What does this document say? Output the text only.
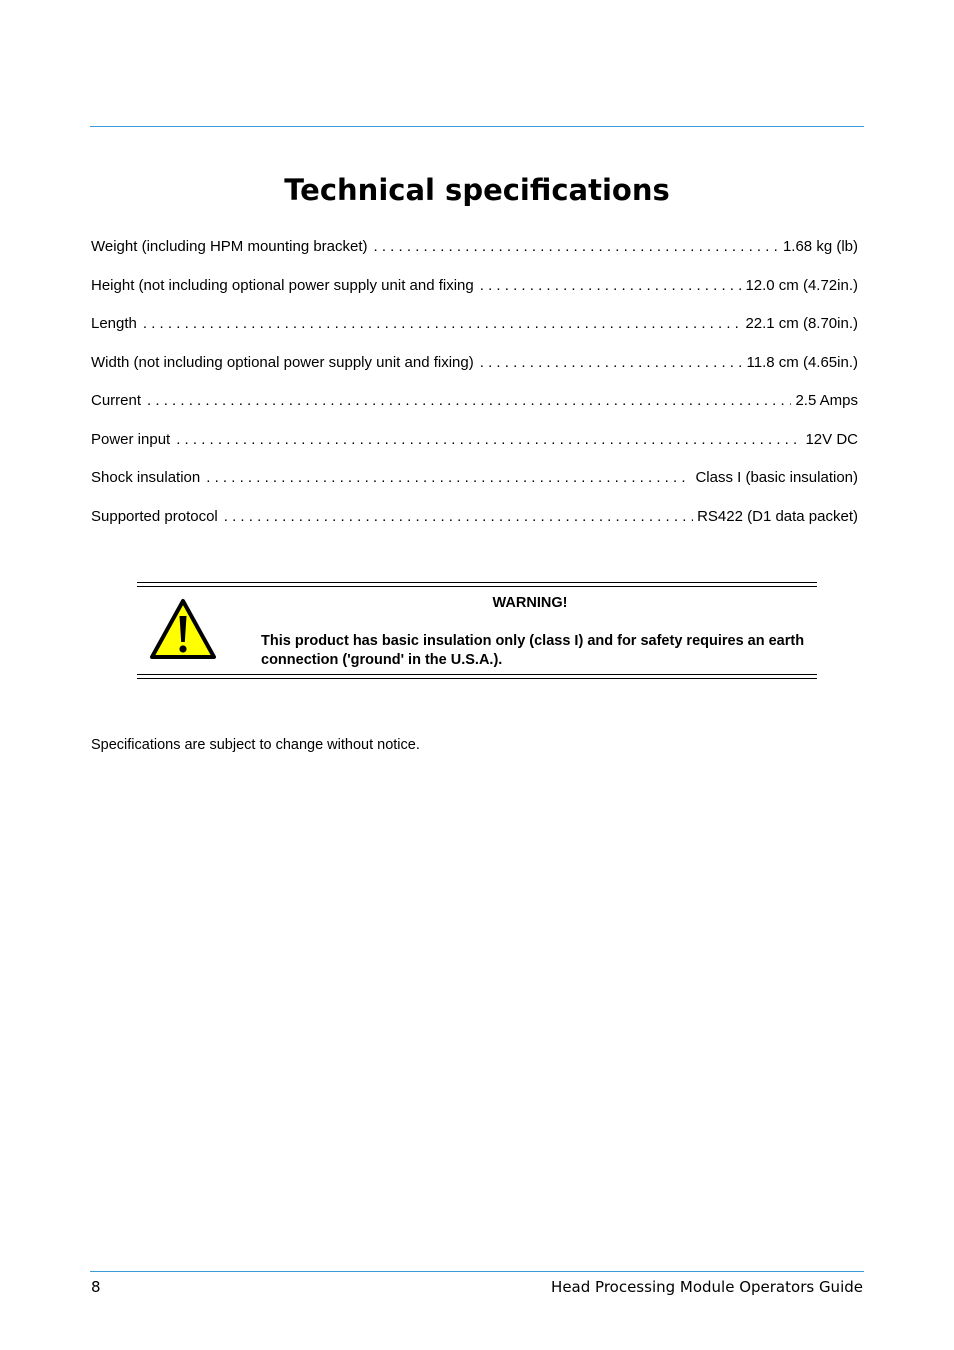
Technical specifications
Weight (including HPM mounting bracket) . . .	1.68 kg (lb)
Height (not including optional power supply unit and fixing . . .	12.0 cm (4.72in.)
Length . . .	22.1 cm (8.70in.)
Width (not including optional power supply unit and fixing) . . .	11.8 cm (4.65in.)
Current . . .	2.5 Amps
Power input . . .	12V DC
Shock insulation . . .	Class I (basic insulation)
Supported protocol . . .	RS422 (D1 data packet)
WARNING!
This product has basic insulation only (class I) and for safety requires an earth connection ('ground' in the U.S.A.).
Specifications are subject to change without notice.
8	Head Processing Module Operators Guide
